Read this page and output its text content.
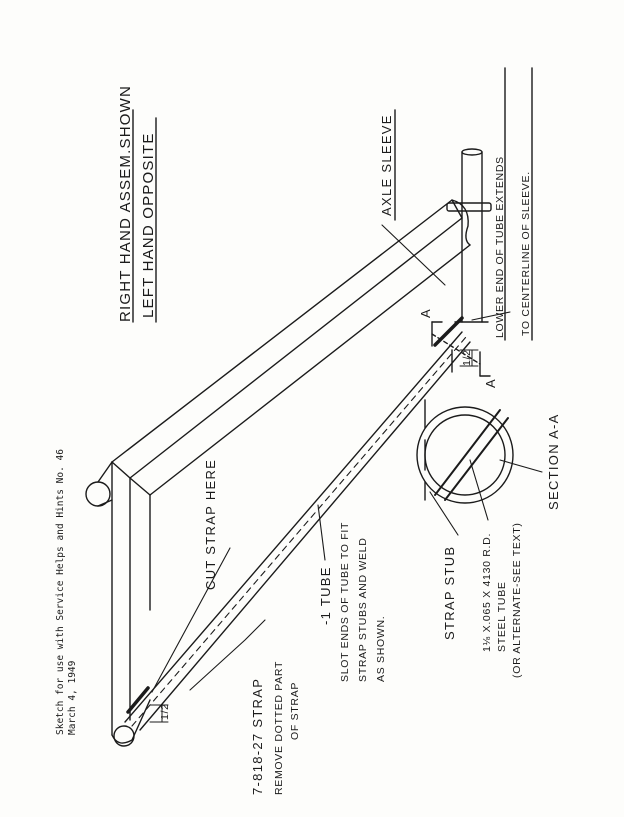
Sketch for use with Service Helps and Hints No. 46 March 4, 1949
RIGHT HAND ASSEM.SHOWN LEFT HAND OPPOSITE	AXLE SLEEVE	LOWER END OF TUBE EXTENDS TO CENTERLINE OF SLEEVE.
CUT STRAP HERE
7-818-27 STRAP REMOVE DOTTED PART OF STRAP
-1 TUBE SLOT ENDS OF TUBE TO FIT STRAP STUBS AND WELD AS SHOWN.
STRAP STUB 1⅛ X.065 X 4130 R.D. STEEL TUBE (OR ALTERNATE-SEE TEXT)
SECTION A-A
A
A
1/2
1/2
